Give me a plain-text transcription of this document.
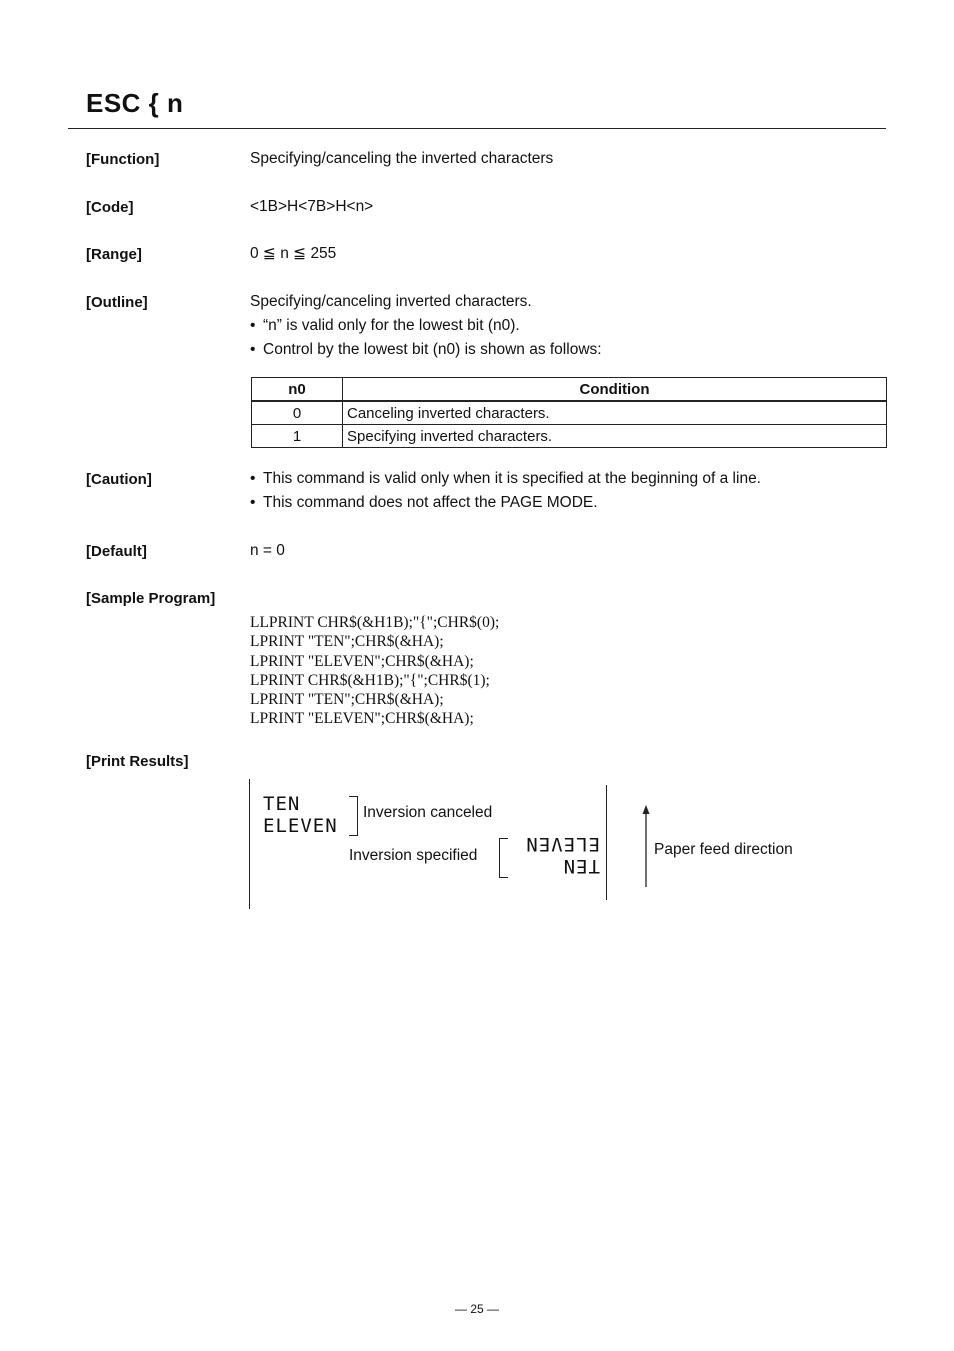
ESC { n
[Function]	Specifying/canceling the inverted characters
[Code]	<1B>H<7B>H<n>
[Range]	0 ≦ n ≦ 255
[Outline]	Specifying/canceling inverted characters.
• “n” is valid only for the lowest bit (n0).
• Control by the lowest bit (n0) is shown as follows:
n0	Condition
0	Canceling inverted characters.
1	Specifying inverted characters.
[Caution]	• This command is valid only when it is specified at the beginning of a line.
• This command does not affect the PAGE MODE.
[Default]	n = 0
[Sample Program]
LLPRINT CHR$(&H1B);"{";CHR$(0);
LPRINT "TEN";CHR$(&HA);
LPRINT "ELEVEN";CHR$(&HA);
LPRINT CHR$(&H1B);"{";CHR$(1);
LPRINT "TEN";CHR$(&HA);
LPRINT "ELEVEN";CHR$(&HA);
[Print Results]
TEN
ELEVEN
Inversion canceled
Inversion specified	TEN
ELEVEN	Paper feed direction
— 25 —
